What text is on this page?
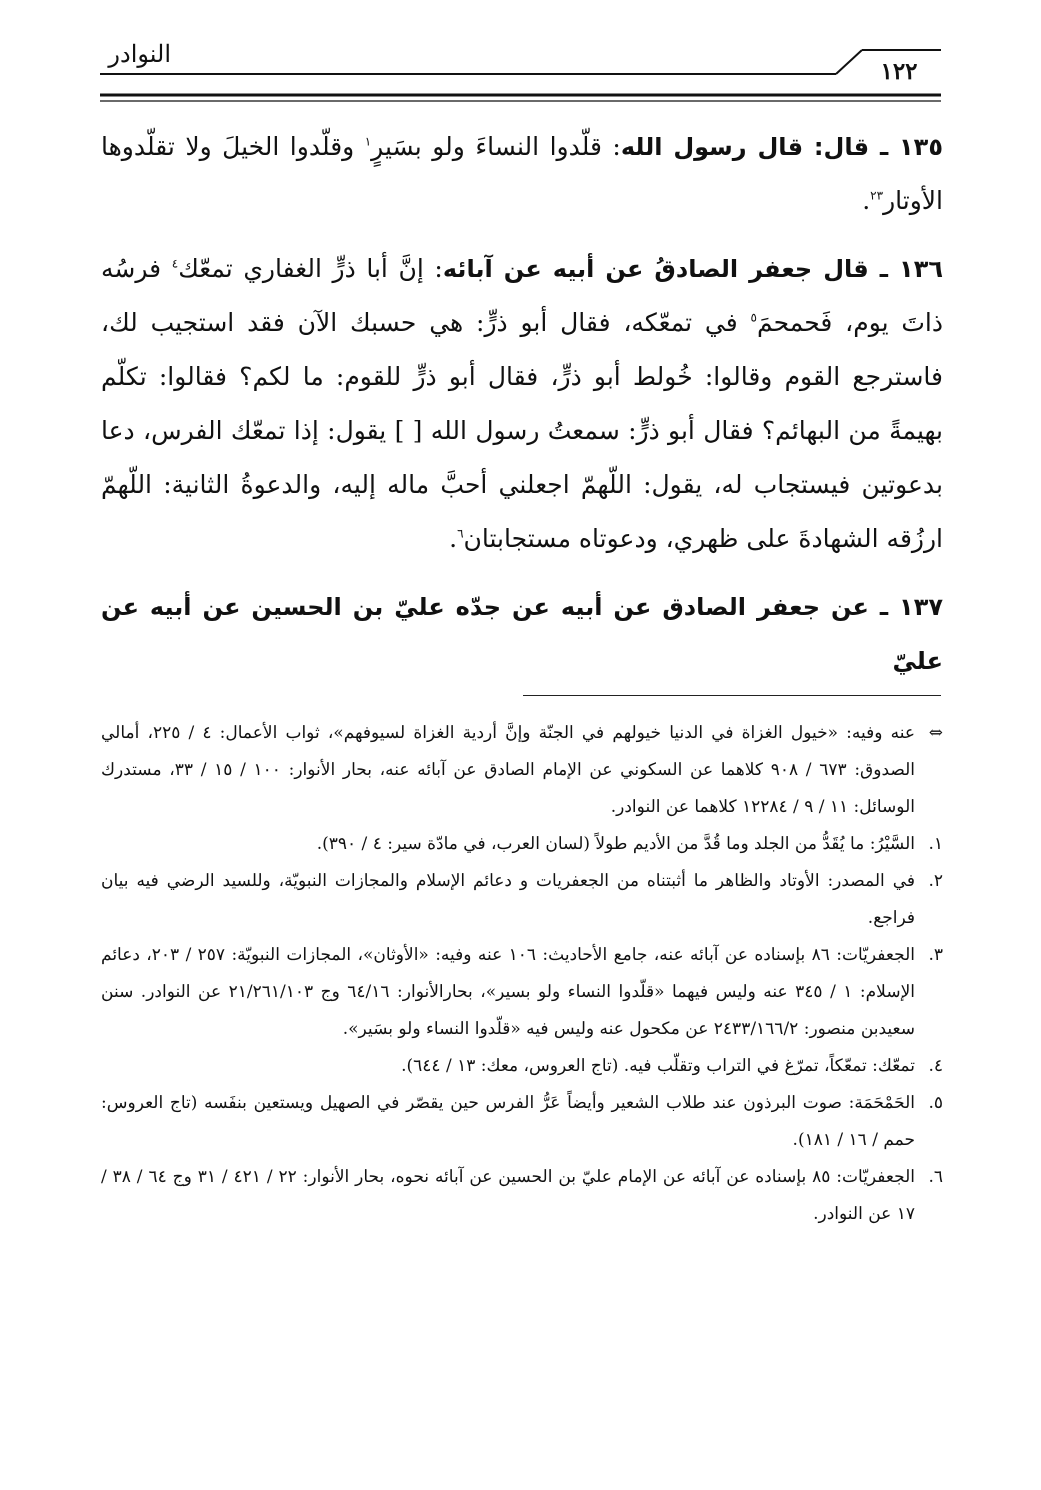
النوادر
١٢٢

١٣٥ ـ قال: قال رسول الله: قلّدوا النساءَ ولو بسَيرٍ$^١$ وقلّدوا الخيلَ ولا تقلّدوها الأوتار$^{٢٣}$.

١٣٦ ـ قال جعفر الصادقُ عن أبيه عن آبائه: إنَّ أبا ذرٍّ الغفاري تمعّك$^٤$ فرسُه ذاتَ يوم، فَحمحمَ$^٥$ في تمعّكه، فقال أبو ذرٍّ: هي حسبك الآن فقد استجيب لك، فاسترجع القوم وقالوا: خُولط أبو ذرٍّ، فقال أبو ذرٍّ للقوم: ما لكم؟ فقالوا: تكلّم بهيمةً من البهائم؟ فقال أبو ذرٍّ: سمعتُ رسول الله [ ] يقول: إذا تمعّك الفرس، دعا بدعوتين فيستجاب له، يقول: اللّهمّ اجعلني أحبَّ ماله إليه، والدعوةُ الثانية: اللّهمّ ارزُقه الشهادةَ على ظهري، ودعوتاه مستجابتان$^٦$.

١٣٧ ـ عن جعفر الصادق عن أبيه عن جدّه عليّ بن الحسين عن أبيه عن عليّ

⇔
عنه وفيه: «خيول الغزاة في الدنيا خيولهم في الجنّة وإنَّ أردية الغزاة لسيوفهم»، ثواب الأعمال: ٤ / ٢٢٥، أمالي الصدوق: ٦٧٣ / ٩٠٨ كلاهما عن السكوني عن الإمام الصادق عن آبائه عنه، بحار الأنوار: ١٠٠ / ١٥ / ٣٣، مستدرك الوسائل: ١١ / ٩ / ١٢٢٨٤ كلاهما عن النوادر.

١.
السَّيْرُ: ما يُقَدُّ من الجلد وما قُدَّ من الأديم طولاً (لسان العرب، في مادّة سير: ٤ / ٣٩٠).

٢.
في المصدر: الأوتاد والظاهر ما أثبتناه من الجعفريات و دعائم الإسلام والمجازات النبويّة، وللسيد الرضي فيه بيان فراجع.

٣.
الجعفريّات: ٨٦ بإسناده عن آبائه عنه، جامع الأحاديث: ١٠٦ عنه وفيه: «الأوثان»، المجازات النبويّة: ٢٥٧ / ٢٠٣، دعائم الإسلام: ١ / ٣٤٥ عنه وليس فيهما «قلّدوا النساء ولو بسير»، بحارالأنوار: ٦٤/١٦ وج ٢١/٢٦١/١٠٣ عن النوادر. سنن سعيدبن منصور: ٢٤٣٣/١٦٦/٢ عن مكحول عنه وليس فيه «قلّدوا النساء ولو بسَير».

٤.
تمعّك: تمعّكاً، تمرّغ في التراب وتقلّب فيه. (تاج العروس، معك: ١٣ / ٦٤٤).

٥.
الحَمْحَمَة: صوت البرذون عند طلاب الشعير وأيضاً عَرُّ الفرس حين يقصّر في الصهيل ويستعين بنفَسه (تاج العروس: حمم / ١٦ / ١٨١).

٦.
الجعفريّات: ٨٥ بإسناده عن آبائه عن الإمام عليّ بن الحسين عن آبائه نحوه، بحار الأنوار: ٢٢ / ٤٢١ / ٣١ وج ٦٤ / ٣٨ / ١٧ عن النوادر.
